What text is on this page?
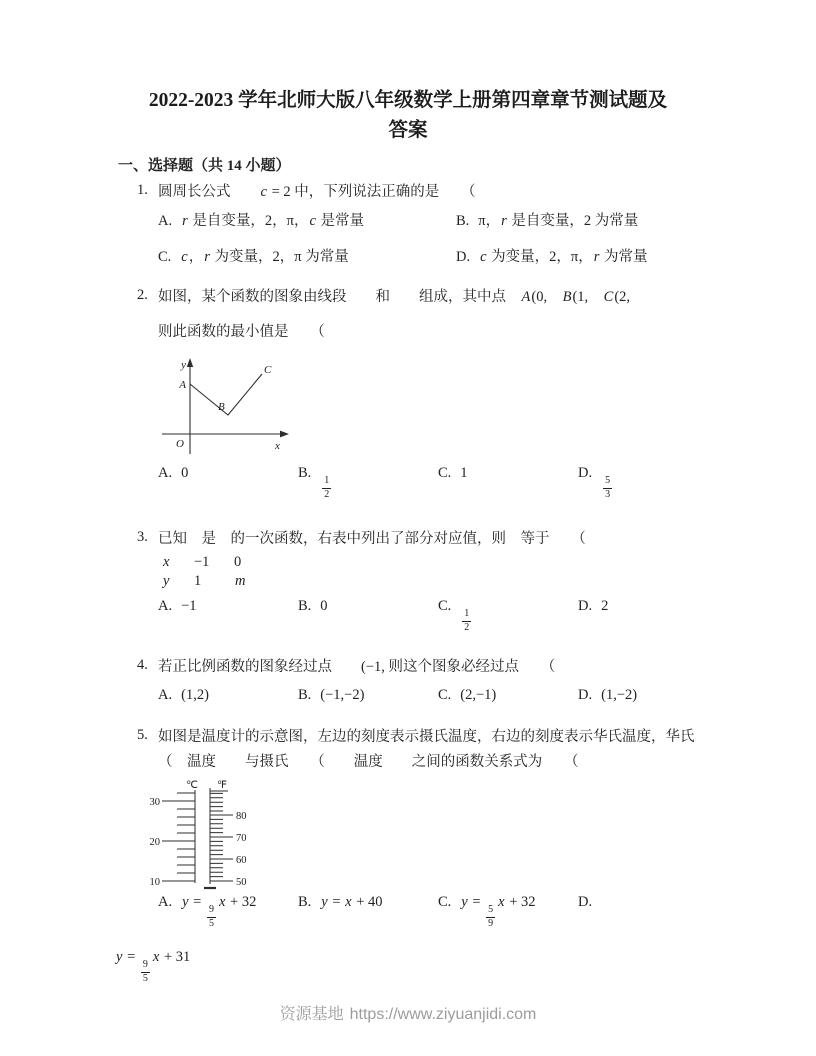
2022-2023 学年北师大版八年级数学上册第四章章节测试题及
答案
一、选择题（共 14 小题）
1. 圆周长公式　　c = 2 中，下列说法正确的是　　（
A. r 是自变量，2，π，c 是常量	B. π，r 是自变量，2 为常量
C. c，r 为变量，2，π 为常量	D. c 为变量，2，π，r 为常量
2. 如图，某个函数的图象由线段　　和　　组成，其中点　A(0,　B(1,　C(2,
则此函数的最小值是　　（
y
x
O
A
B
C
A. 0	B.
$\frac{1}{2}$
C. 1	D.
$\frac{5}{3}$
3. 已知　是　的一次函数，右表中列出了部分对应值，则　等于　　（
x	−1	0
y	1	m
A. −1	B. 0	C.
$\frac{1}{2}$
D. 2
4. 若正比例函数的图象经过点　　(−1, 则这个图象必经过点　　（
A. (1,2)	B. (−1,−2)	C. (2,−1)	D. (1,−2)
5. 如图是温度计的示意图，左边的刻度表示摄氏温度，右边的刻度表示华氏温度，华氏
（　温度　　与摄氏　　（　　温度　　之间的函数关系式为　　（
℃ ℉
30
20
10
80
70
60
50
A. y =
$\frac{9}{5}$
x + 32	B. y = x + 40	C. y =
$\frac{5}{9}$
x + 32	D.
y =
$\frac{9}{5}$
x + 31
资源基地 https://www.ziyuanjidi.com
